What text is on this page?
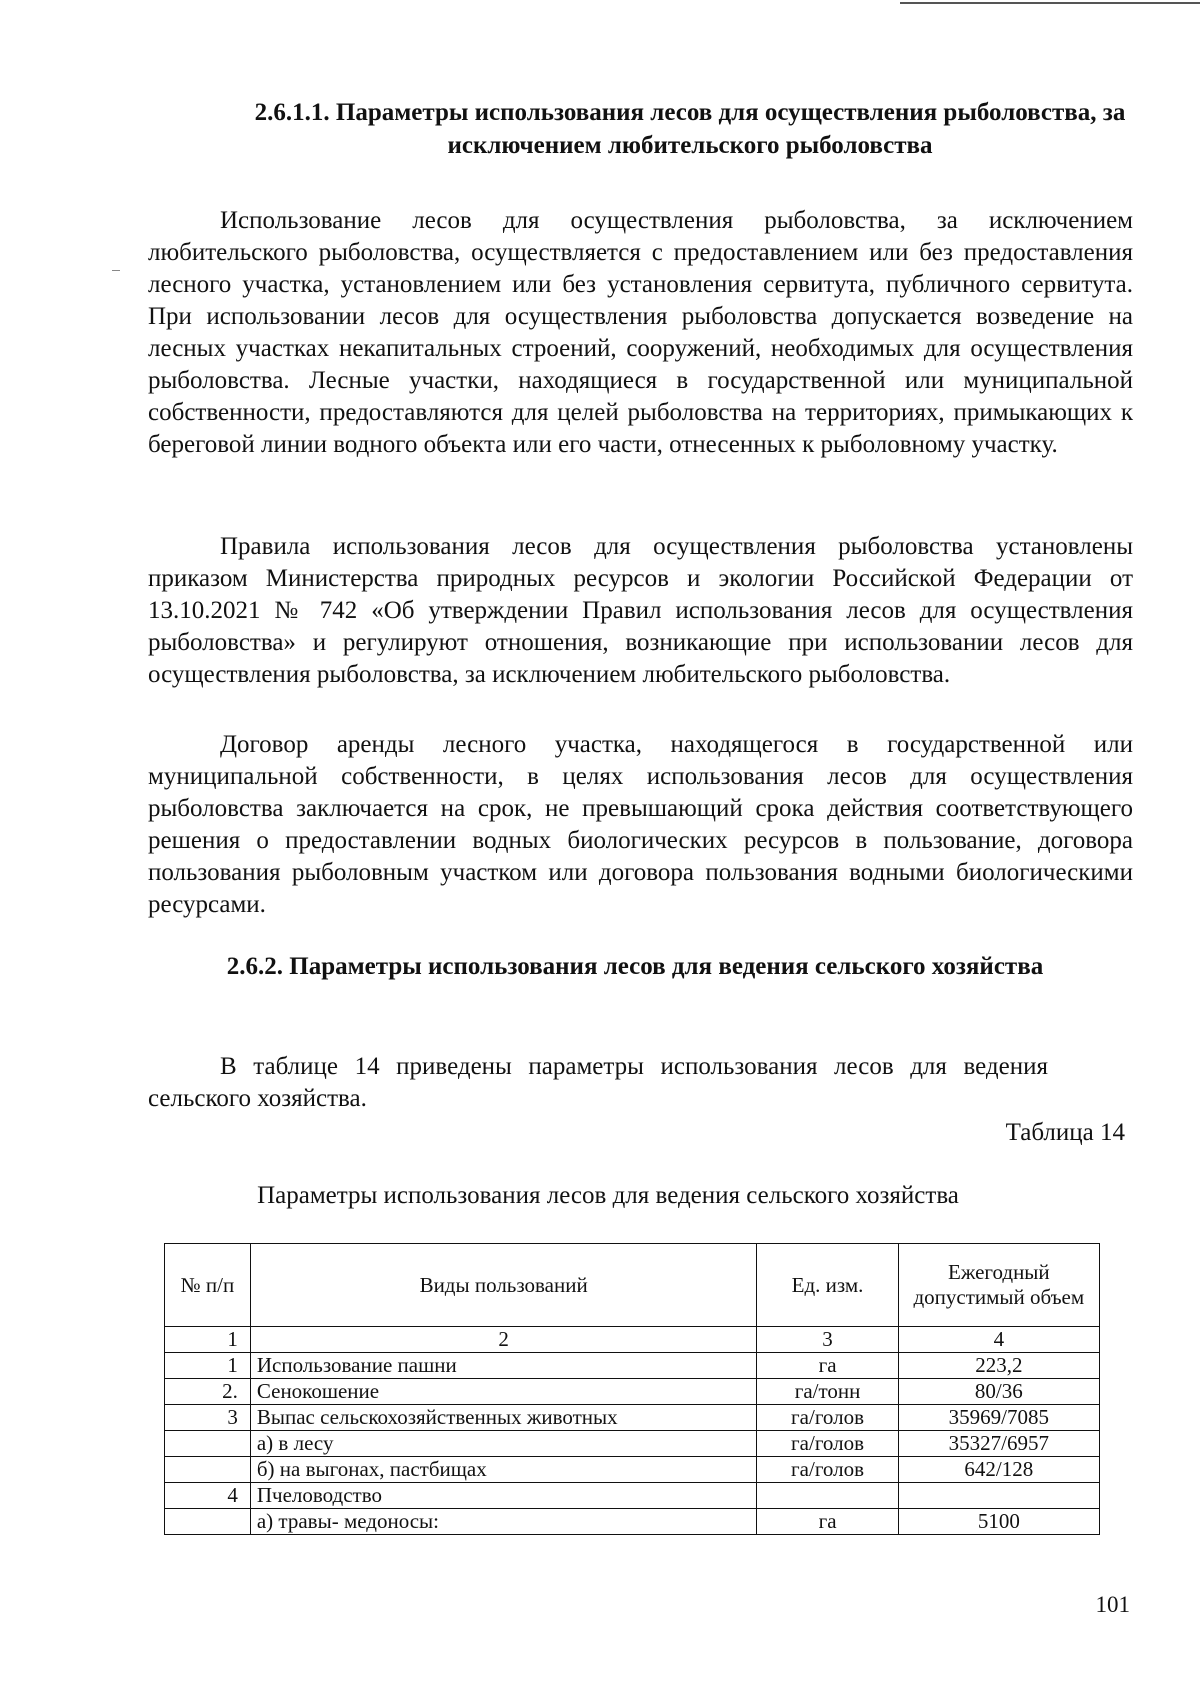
2.6.1.1. Параметры использования лесов для осуществления рыболовства, за исключением любительского рыболовства

Использование лесов для осуществления рыболовства, за исключением любительского рыболовства, осуществляется с предоставлением или без предоставления лесного участка, установлением или без установления сервитута, публичного сервитута. При использовании лесов для осуществления рыболовства допускается возведение на лесных участках некапитальных строений, сооружений, необходимых для осуществления рыболовства. Лесные участки, находящиеся в государственной или муниципальной собственности, предоставляются для целей рыболовства на территориях, примыкающих к береговой линии водного объекта или его части, отнесенных к рыболовному участку.

Правила использования лесов для осуществления рыболовства установлены приказом Министерства природных ресурсов и экологии Российской Федерации от 13.10.2021 № 742 «Об утверждении Правил использования лесов для осуществления рыболовства» и регулируют отношения, возникающие при использовании лесов для осуществления рыболовства, за исключением любительского рыболовства.

Договор аренды лесного участка, находящегося в государственной или муниципальной собственности, в целях использования лесов для осуществления рыболовства заключается на срок, не превышающий срока действия соответствующего решения о предоставлении водных биологических ресурсов в пользование, договора пользования рыболовным участком или договора пользования водными биологическими ресурсами.

2.6.2. Параметры использования лесов для ведения сельского хозяйства

В таблице 14 приведены параметры использования лесов для ведения сельского хозяйства.

Таблица 14
Параметры использования лесов для ведения сельского хозяйства
№ п/п	Виды пользований	Ед. изм.	Ежегодный допустимый объем
1	2	3	4
1	Использование пашни	га	223,2
2.	Сенокошение	га/тонн	80/36
3	Выпас сельскохозяйственных животных	га/голов	35969/7085
	а) в лесу	га/голов	35327/6957
	б) на выгонах, пастбищах	га/голов	642/128
4	Пчеловодство		
	а) травы- медоносы:	га	5100
101
